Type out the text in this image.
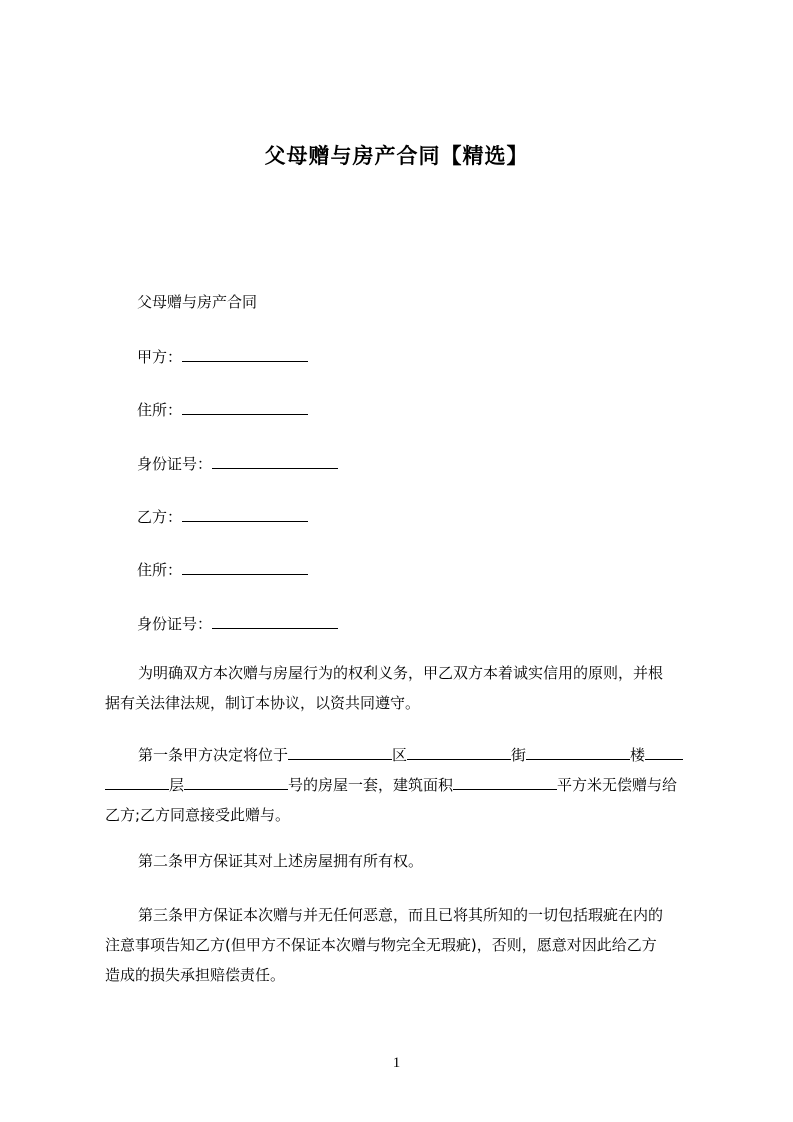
父母赠与房产合同【精选】
父母赠与房产合同
甲方：
住所：
身份证号：
乙方：
住所：
身份证号：
为明确双方本次赠与房屋行为的权利义务，甲乙双方本着诚实信用的原则，并根
据有关法律法规，制订本协议，以资共同遵守。
第一条甲方决定将位于	区	街	楼
层	号的房屋一套，建筑面积	平方米无偿赠与给
乙方;乙方同意接受此赠与。
第二条甲方保证其对上述房屋拥有所有权。
第三条甲方保证本次赠与并无任何恶意，而且已将其所知的一切包括瑕疵在内的
注意事项告知乙方(但甲方不保证本次赠与物完全无瑕疵)，否则，愿意对因此给乙方
造成的损失承担赔偿责任。
1
